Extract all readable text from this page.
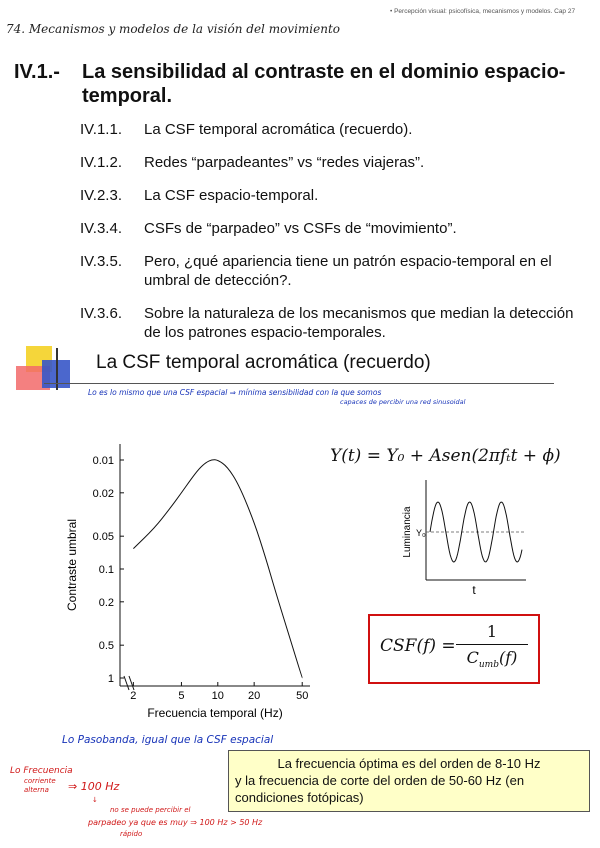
74. Mecanismos y modelos de la visión del movimiento
• Percepción visual: psicofísica, mecanismos y modelos. Cap 27
IV.1.- La sensibilidad al contraste en el dominio espacio-temporal.
IV.1.1. La CSF temporal acromática (recuerdo).
IV.1.2. Redes “parpadeantes” vs “redes viajeras”.
IV.2.3. La CSF espacio-temporal.
IV.3.4. CSFs de “parpadeo” vs CSFs de “movimiento”.
IV.3.5. Pero, ¿qué apariencia tiene un patrón espacio-temporal en el umbral de detección?.
IV.3.6. Sobre la naturaleza de los mecanismos que median la detección de los patrones espacio-temporales.
La CSF temporal acromática (recuerdo)
Lo es lo mismo que una CSF espacial ⇒ mínima sensibilidad con la que somos
capaces de percibir una red sinusoidal
Contraste umbral
Frecuencia temporal (Hz)
0.01
0.02
0.05
0.1
0.2
0.5
1
2	5 10 20	50
Y(t) = Y₀ + Asen(2πfₜt + ϕ)
Luminancia Y₀
t
CSF(f) =
1
$C_{umb}(f)$
Lo Pasobanda, igual que la CSF espacial
La frecuencia óptima es del orden de 8-10 Hz
y la frecuencia de corte del orden de 50-60 Hz (en condiciones fotópicas)
Lo Frecuencia
corriente
alterna ⇒ 100 Hz
↓
no se puede percibir el
parpadeo ya que es muy ⇒ 100 Hz > 50 Hz
rápido
